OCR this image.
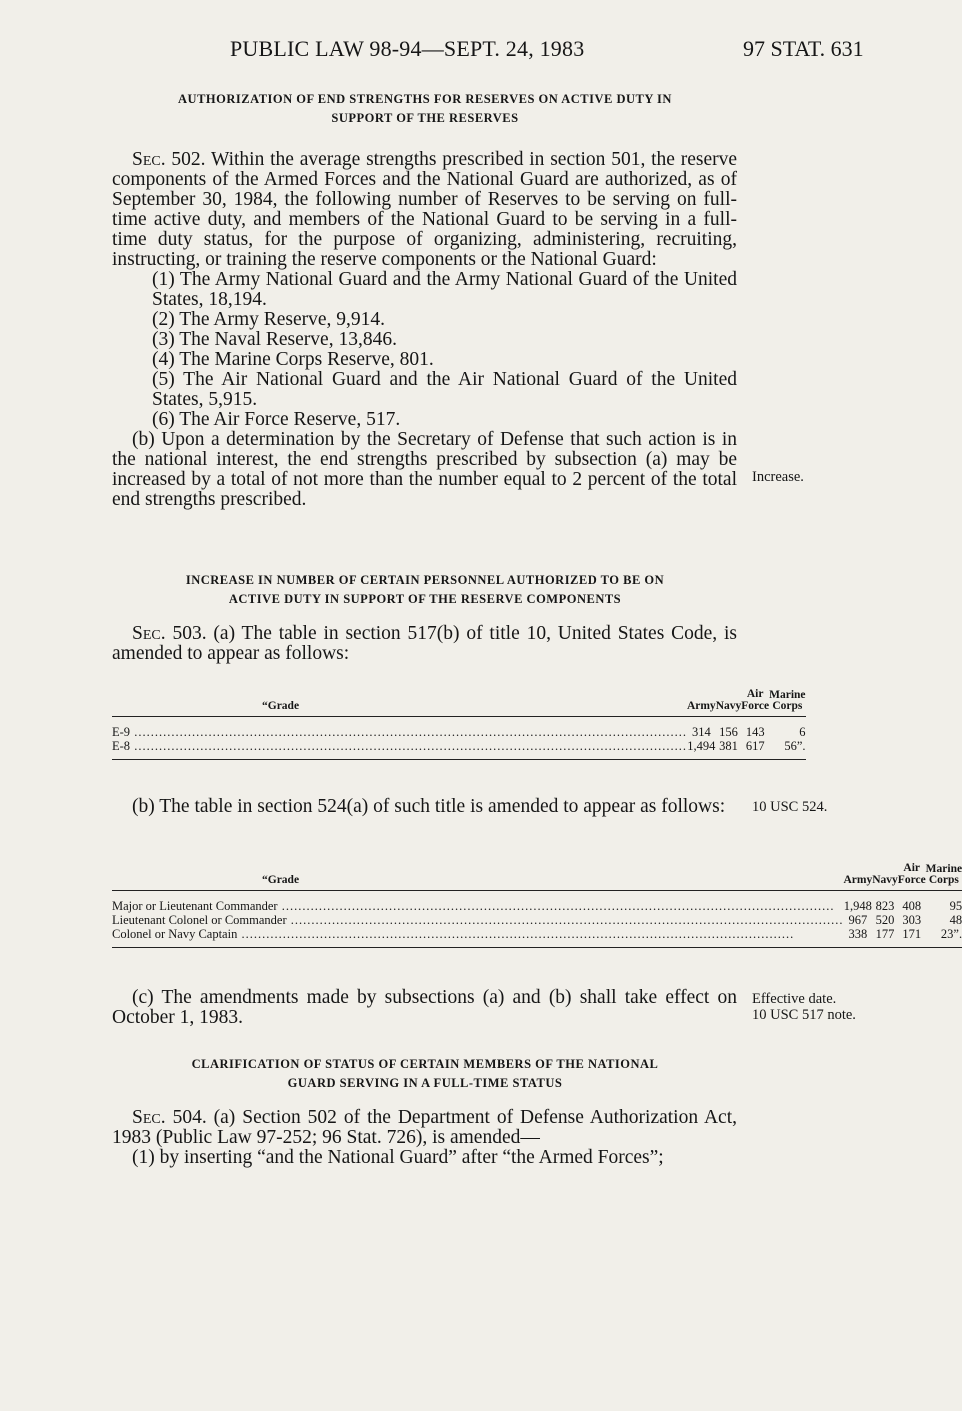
PUBLIC LAW 98-94—SEPT. 24, 1983	97 STAT. 631
AUTHORIZATION OF END STRENGTHS FOR RESERVES ON ACTIVE DUTY IN
SUPPORT OF THE RESERVES

Sec. 502. Within the average strengths prescribed in section 501, the reserve components of the Armed Forces and the National Guard are authorized, as of September 30, 1984, the following number of Reserves to be serving on full-time active duty, and members of the National Guard to be serving in a full-time duty status, for the purpose of organizing, administering, recruiting, instructing, or training the reserve components or the National Guard:

(1) The Army National Guard and the Army National Guard of the United States, 18,194.

(2) The Army Reserve, 9,914.

(3) The Naval Reserve, 13,846.

(4) The Marine Corps Reserve, 801.

(5) The Air National Guard and the Air National Guard of the United States, 5,915.

(6) The Air Force Reserve, 517.

(b) Upon a determination by the Secretary of Defense that such action is in the national interest, the end strengths prescribed by subsection (a) may be increased by a total of not more than the number equal to 2 percent of the total end strengths prescribed.

Increase.
INCREASE IN NUMBER OF CERTAIN PERSONNEL AUTHORIZED TO BE ON
ACTIVE DUTY IN SUPPORT OF THE RESERVE COMPONENTS

Sec. 503. (a) The table in section 517(b) of title 10, United States Code, is amended to appear as follows:

“Grade	Army	Navy	Air Force	Marine Corps
E-9 .....	314	156	143	6
E-8 .....	1,494	381	617	56”.

(b) The table in section 524(a) of such title is amended to appear as follows:	10 USC 524.
“Grade	Army	Navy	Air Force	Marine Corps
Major or Lieutenant Commander .....	1,948	823	408	95
Lieutenant Colonel or Commander .....	967	520	303	48
Colonel or Navy Captain .....	338	177	171	23”.

(c) The amendments made by subsections (a) and (b) shall take effect on October 1, 1983.

Effective date.
10 USC 517 note.
CLARIFICATION OF STATUS OF CERTAIN MEMBERS OF THE NATIONAL
GUARD SERVING IN A FULL-TIME STATUS

Sec. 504. (a) Section 502 of the Department of Defense Authorization Act, 1983 (Public Law 97-252; 96 Stat. 726), is amended—

(1) by inserting “and the National Guard” after “the Armed Forces”;
